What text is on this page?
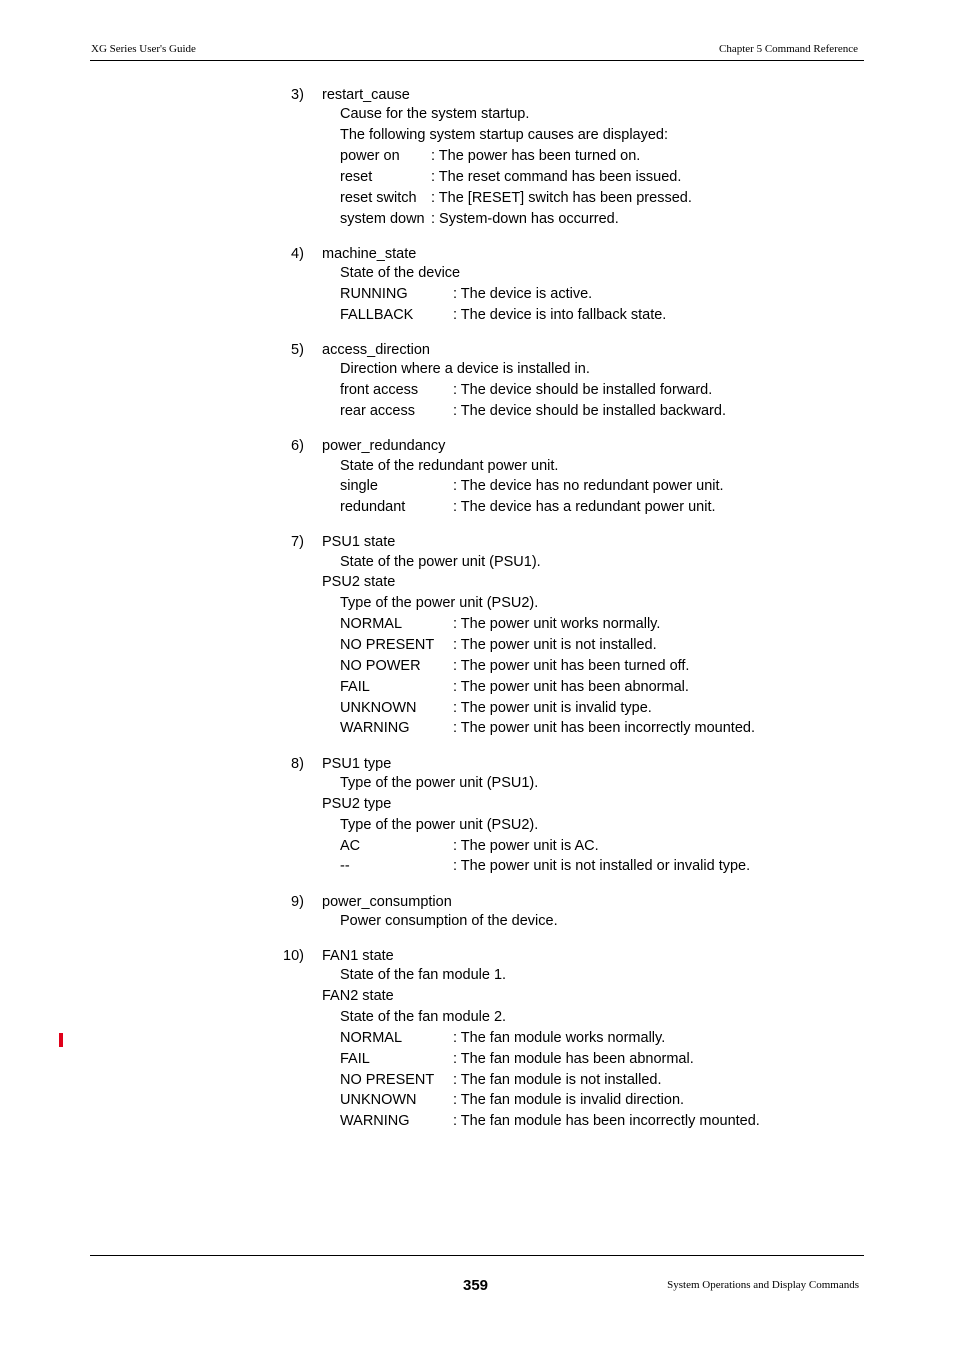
XG Series User's Guide	Chapter 5 Command Reference
3) restart_cause
Cause for the system startup.
The following system startup causes are displayed:
power on : The power has been turned on.
reset	: The reset command has been issued.
reset switch : The [RESET] switch has been pressed.
system down : System-down has occurred.
4) machine_state
State of the device
RUNNING	: The device is active.
FALLBACK	: The device is into fallback state.
5) access_direction
Direction where a device is installed in.
front access : The device should be installed forward.
rear access	: The device should be installed backward.
6) power_redundancy
State of the redundant power unit.
single	: The device has no redundant power unit.
redundant	: The device has a redundant power unit.
7) PSU1 state
State of the power unit (PSU1).
PSU2 state
Type of the power unit (PSU2).
NORMAL	: The power unit works normally.
NO PRESENT : The power unit is not installed.
NO POWER : The power unit has been turned off.
FAIL	: The power unit has been abnormal.
UNKNOWN	: The power unit is invalid type.
WARNING	: The power unit has been incorrectly mounted.
8) PSU1 type
Type of the power unit (PSU1).
PSU2 type
Type of the power unit (PSU2).
AC	: The power unit is AC.
--	: The power unit is not installed or invalid type.
9) power_consumption
Power consumption of the device.
10) FAN1 state
State of the fan module 1.
FAN2 state
State of the fan module 2.
NORMAL	: The fan module works normally.
FAIL	: The fan module has been abnormal.
NO PRESENT : The fan module is not installed.
UNKNOWN	: The fan module is invalid direction.
WARNING	: The fan module has been incorrectly mounted.
359	System Operations and Display Commands
